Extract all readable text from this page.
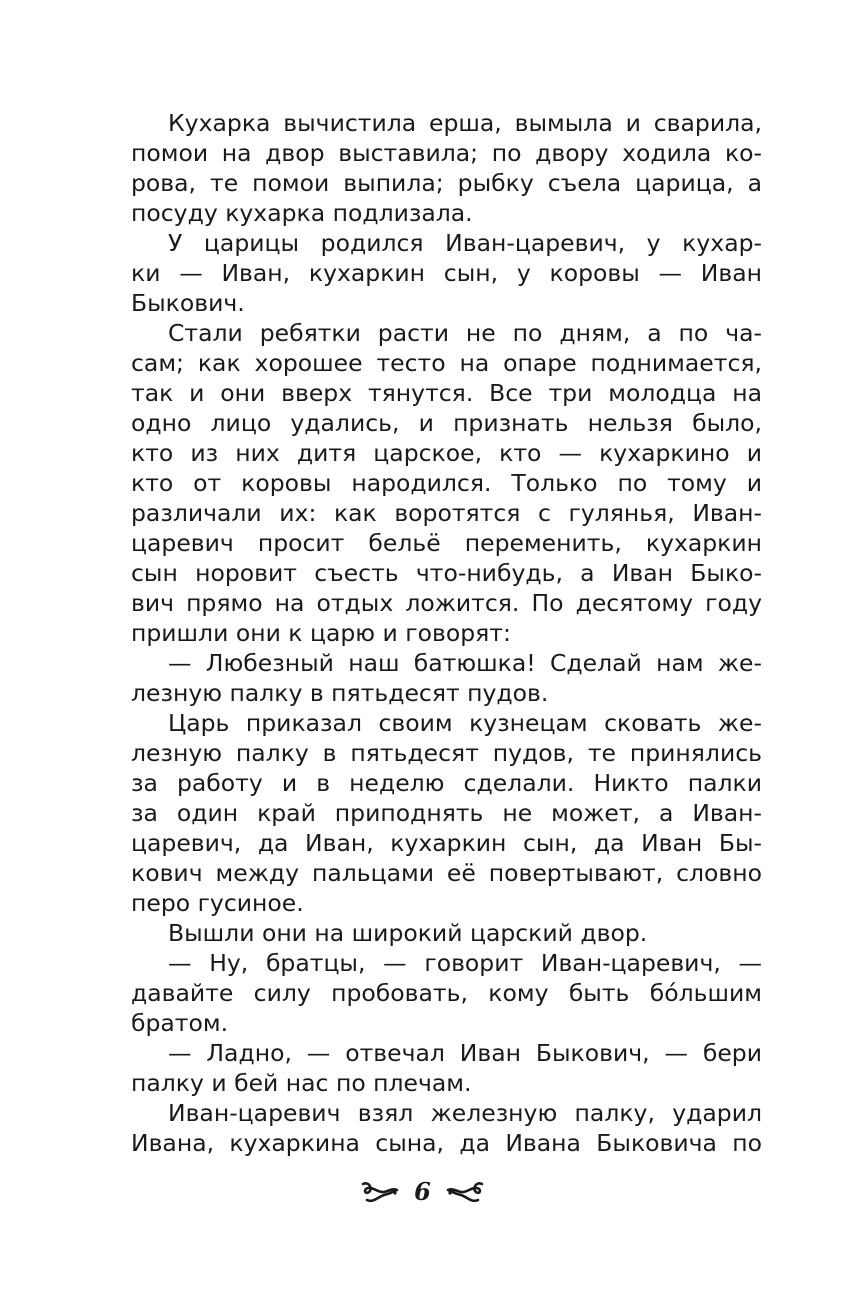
Кухарка вычистила ерша, вымыла и сварила,
помои на двор выставила; по двору ходила ко-
рова, те помои выпила; рыбку съела царица, а
посуду кухарка подлизала.
У царицы родился Иван-царевич, у кухар-
ки — Иван, кухаркин сын, у коровы — Иван
Быкович.
Стали ребятки расти не по дням, а по ча-
сам; как хорошее тесто на опаре поднимается,
так и они вверх тянутся. Все три молодца на
одно лицо удались, и признать нельзя было,
кто из них дитя царское, кто — кухаркино и
кто от коровы народился. Только по тому и
различали их: как воротятся с гулянья, Иван-
царевич просит бельё переменить, кухаркин
сын норовит съесть что-нибудь, а Иван Быко-
вич прямо на отдых ложится. По десятому году
пришли они к царю и говорят:
— Любезный наш батюшка! Сделай нам же-
лезную палку в пятьдесят пудов.
Царь приказал своим кузнецам сковать же-
лезную палку в пятьдесят пудов, те принялись
за работу и в неделю сделали. Никто палки
за один край приподнять не может, а Иван-
царевич, да Иван, кухаркин сын, да Иван Бы-
кович между пальцами её повертывают, словно
перо гусиное.
Вышли они на широкий царский двор.
— Ну, братцы, — говорит Иван-царевич, —
давайте силу пробовать, кому быть бóльшим
братом.
— Ладно, — отвечал Иван Быкович, — бери
палку и бей нас по плечам.
Иван-царевич взял железную палку, ударил
Ивана, кухаркина сына, да Ивана Быковича по
6
